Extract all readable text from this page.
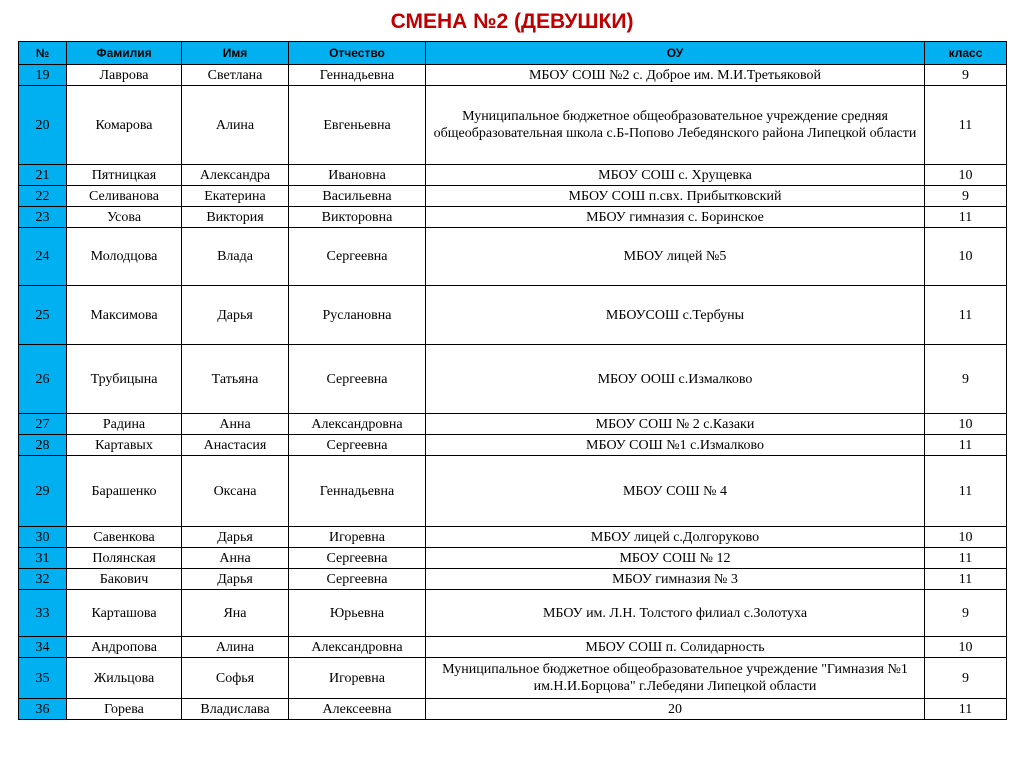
СМЕНА №2 (ДЕВУШКИ)
№	Фамилия	Имя	Отчество	ОУ	класс
19	Лаврова	Светлана	Геннадьевна	МБОУ СОШ №2 с. Доброе им. М.И.Третьяковой	9
20	Комарова	Алина	Евгеньевна	Муниципальное бюджетное общеобразовательное учреждение средняя общеобразовательная школа с.Б-Попово Лебедянского района Липецкой области	11
21	Пятницкая	Александра	Ивановна	МБОУ СОШ с. Хрущевка	10
22	Селиванова	Екатерина	Васильевна	МБОУ СОШ п.свх. Прибытковский	9
23	Усова	Виктория	Викторовна	МБОУ гимназия с. Боринское	11
24	Молодцова	Влада	Сергеевна	МБОУ лицей №5	10
25	Максимова	Дарья	Руслановна	МБОУСОШ с.Тербуны	11
26	Трубицына	Татьяна	Сергеевна	МБОУ ООШ с.Измалково	9
27	Радина	Анна	Александровна	МБОУ СОШ № 2 с.Казаки	10
28	Картавых	Анастасия	Сергеевна	МБОУ СОШ №1 с.Измалково	11
29	Барашенко	Оксана	Геннадьевна	МБОУ СОШ № 4	11
30	Савенкова	Дарья	Игоревна	МБОУ лицей с.Долгоруково	10
31	Полянская	Анна	Сергеевна	МБОУ СОШ № 12	11
32	Бакович	Дарья	Сергеевна	МБОУ гимназия № 3	11
33	Карташова	Яна	Юрьевна	МБОУ им. Л.Н. Толстого филиал с.Золотуха	9
34	Андропова	Алина	Александровна	МБОУ СОШ п. Солидарность	10
35	Жильцова	Софья	Игоревна	Муниципальное бюджетное общеобразовательное учреждение "Гимназия №1 им.Н.И.Борцова" г.Лебедяни Липецкой области	9
36	Горева	Владислава	Алексеевна	20	11
